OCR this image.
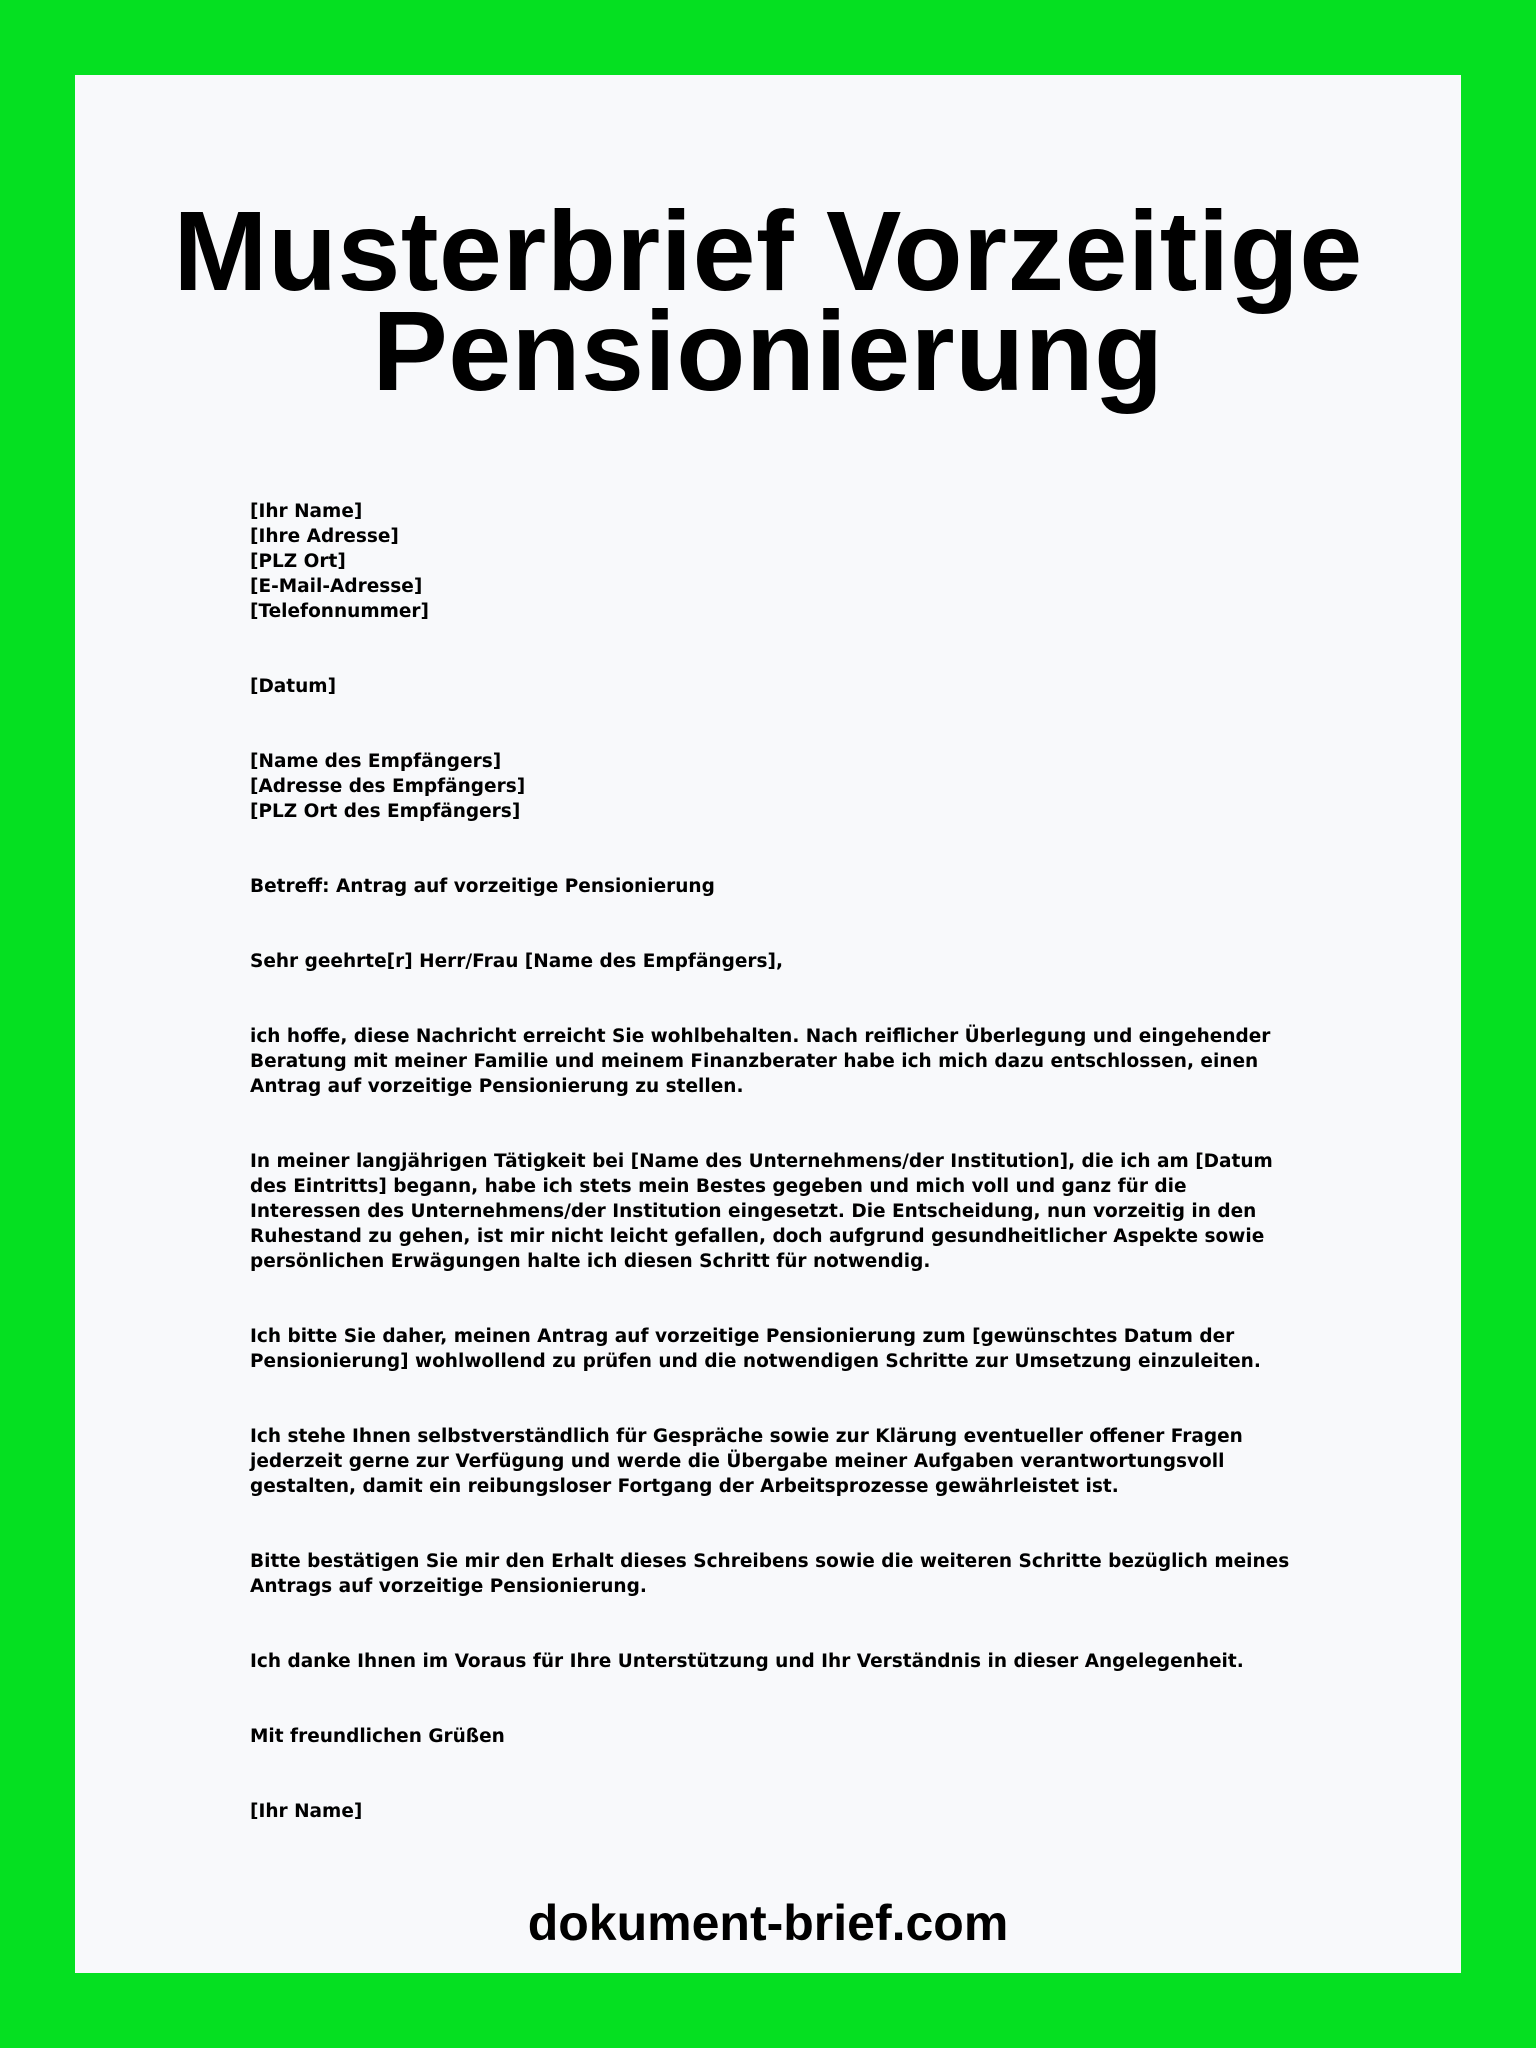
Musterbrief Vorzeitige
Pensionierung
[Ihr Name]
[Ihre Adresse]
[PLZ Ort]
[E-Mail-Adresse]
[Telefonnummer]
[Datum]
[Name des Empfängers]
[Adresse des Empfängers]
[PLZ Ort des Empfängers]
Betreff: Antrag auf vorzeitige Pensionierung
Sehr geehrte[r] Herr/Frau [Name des Empfängers],
ich hoffe, diese Nachricht erreicht Sie wohlbehalten. Nach reiflicher Überlegung und eingehender Beratung mit meiner Familie und meinem Finanzberater habe ich mich dazu entschlossen, einen Antrag auf vorzeitige Pensionierung zu stellen.
In meiner langjährigen Tätigkeit bei [Name des Unternehmens/der Institution], die ich am [Datum des Eintritts] begann, habe ich stets mein Bestes gegeben und mich voll und ganz für die Interessen des Unternehmens/der Institution eingesetzt. Die Entscheidung, nun vorzeitig in den Ruhestand zu gehen, ist mir nicht leicht gefallen, doch aufgrund gesundheitlicher Aspekte sowie persönlichen Erwägungen halte ich diesen Schritt für notwendig.
Ich bitte Sie daher, meinen Antrag auf vorzeitige Pensionierung zum [gewünschtes Datum der Pensionierung] wohlwollend zu prüfen und die notwendigen Schritte zur Umsetzung einzuleiten.
Ich stehe Ihnen selbstverständlich für Gespräche sowie zur Klärung eventueller offener Fragen jederzeit gerne zur Verfügung und werde die Übergabe meiner Aufgaben verantwortungsvoll gestalten, damit ein reibungsloser Fortgang der Arbeitsprozesse gewährleistet ist.
Bitte bestätigen Sie mir den Erhalt dieses Schreibens sowie die weiteren Schritte bezüglich meines Antrags auf vorzeitige Pensionierung.
Ich danke Ihnen im Voraus für Ihre Unterstützung und Ihr Verständnis in dieser Angelegenheit.
Mit freundlichen Grüßen
[Ihr Name]
dokument-brief.com
